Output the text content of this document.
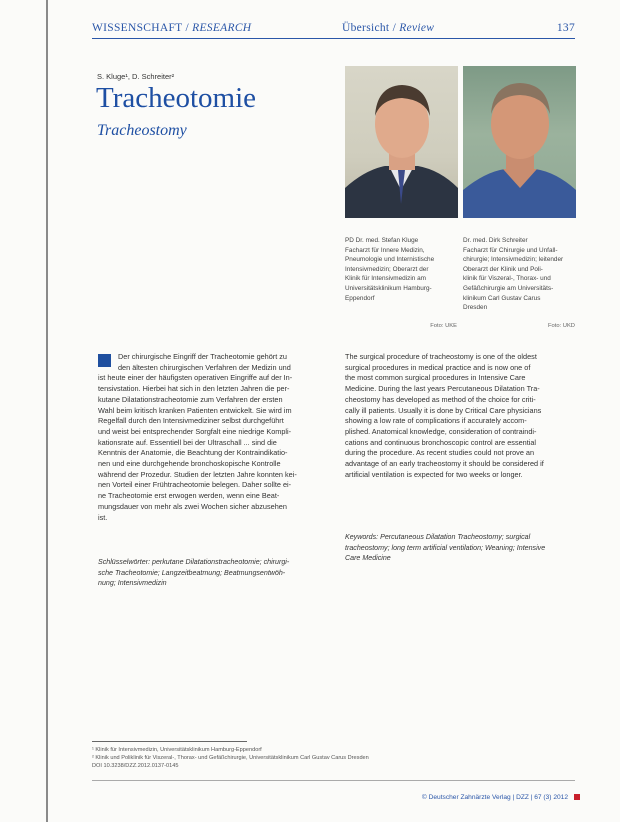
WISSENSCHAFT / RESEARCH	Übersicht / Review	137
S. Kluge¹, D. Schreiter²
Tracheotomie
Tracheostomy
PD Dr. med. Stefan Kluge
Facharzt für Innere Medizin,
Pneumologie und Internistische
Intensivmedizin; Oberarzt der
Klinik für Intensivmedizin am
Universitätsklinikum Hamburg-
Eppendorf
Foto: UKE
Dr. med. Dirk Schreiter
Facharzt für Chirurgie und Unfall-
chirurgie; Intensivmedizin; leitender
Oberarzt der Klinik und Poli-
klinik für Viszeral-, Thorax- und
Gefäßchirurgie am Universitäts-
klinikum Carl Gustav Carus
Dresden
Foto: UKD
Der chirurgische Eingriff der Tracheotomie gehört zu
den ältesten chirurgischen Verfahren der Medizin und
ist heute einer der häufigsten operativen Eingriffe auf der In-
tensivstation. Hierbei hat sich in den letzten Jahren die per-
kutane Dilatationstracheotomie zum Verfahren der ersten
Wahl beim kritisch kranken Patienten entwickelt. Sie wird im
Regelfall durch den Intensivmediziner selbst durchgeführt
und weist bei entsprechender Sorgfalt eine niedrige Kompli-
kationsrate auf. Essentiell bei der Ultraschall ... sind die
Kenntnis der Anatomie, die Beachtung der Kontraindikatio-
nen und eine durchgehende bronchoskopische Kontrolle
während der Prozedur. Studien der letzten Jahre konnten kei-
nen Vorteil einer Frühtracheotomie belegen. Daher sollte ei-
ne Tracheotomie erst erwogen werden, wenn eine Beat-
mungsdauer von mehr als zwei Wochen sicher abzusehen
ist.
Schlüsselwörter: perkutane Dilatationstracheotomie; chirurgi-
sche Tracheotomie; Langzeitbeatmung; Beatmungsentwöh-
nung; Intensivmedizin
The surgical procedure of tracheostomy is one of the oldest
surgical procedures in medical practice and is now one of
the most common surgical procedures in Intensive Care
Medicine. During the last years Percutaneous Dilatation Tra-
cheostomy has developed as method of the choice for criti-
cally ill patients. Usually it is done by Critical Care physicians
showing a low rate of complications if accurately accom-
plished. Anatomical knowledge, consideration of contraindi-
cations and continuous bronchoscopic control are essential
during the procedure. As recent studies could not prove an
advantage of an early tracheostomy it should be considered if
artificial ventilation is expected for two weeks or longer.
Keywords: Percutaneous Dilatation Tracheostomy; surgical
tracheostomy; long term artificial ventilation; Weaning; Intensive
Care Medicine
¹ Klinik für Intensivmedizin, Universitätsklinikum Hamburg-Eppendorf
² Klinik und Poliklinik für Viszeral-, Thorax- und Gefäßchirurgie, Universitätsklinikum Carl Gustav Carus Dresden
DOI 10.3238/DZZ.2012.0137-0145
© Deutscher Zahnärzte Verlag | DZZ | 67 (3) 2012
